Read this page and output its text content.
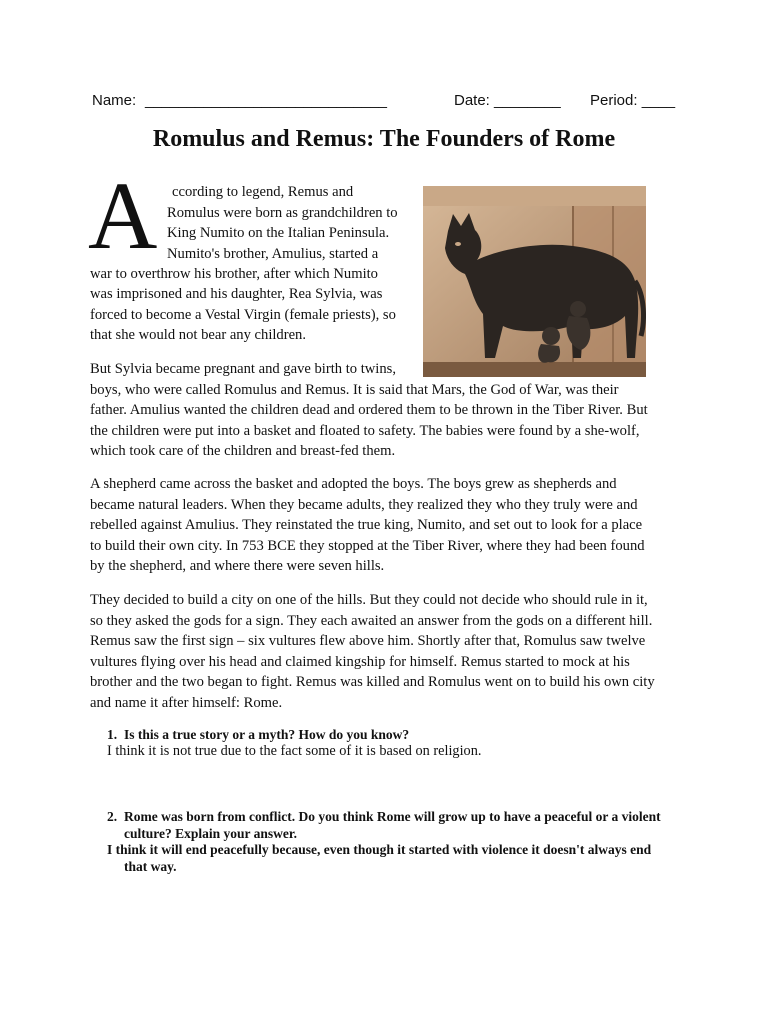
Name: _____________________________	Date: ________ Period: ____
Romulus and Remus: The Founders of Rome
A ccording to legend, Remus and
Romulus were born as grandchildren to
King Numito on the Italian Peninsula.
Numito's brother, Amulius, started a
war to overthrow his brother, after which Numito
was imprisoned and his daughter, Rea Sylvia, was
forced to become a Vestal Virgin (female priests), so
that she would not bear any children.
But Sylvia became pregnant and gave birth to twins,
boys, who were called Romulus and Remus. It is said that Mars, the God of War, was their
father. Amulius wanted the children dead and ordered them to be thrown in the Tiber River. But
the children were put into a basket and floated to safety. The babies were found by a she-wolf,
which took care of the children and breast-fed them.
A shepherd came across the basket and adopted the boys. The boys grew as shepherds and
became natural leaders. When they became adults, they realized they who they truly were and
rebelled against Amulius. They reinstated the true king, Numito, and set out to look for a place
to build their own city. In 753 BCE they stopped at the Tiber River, where they had been found
by the shepherd, and where there were seven hills.
They decided to build a city on one of the hills. But they could not decide who should rule in it,
so they asked the gods for a sign. They each awaited an answer from the gods on a different hill.
Remus saw the first sign – six vultures flew above him. Shortly after that, Romulus saw twelve
vultures flying over his head and claimed kingship for himself. Remus started to mock at his
brother and the two began to fight. Remus was killed and Romulus went on to build his own city
and name it after himself: Rome.
1. Is this a true story or a myth? How do you know?
I think it is not true due to the fact some of it is based on religion.
2. Rome was born from conflict. Do you think Rome will grow up to have a peaceful or a violent
culture? Explain your answer.
I think it will end peacefully because, even though it started with violence it doesn't always end
that way.
